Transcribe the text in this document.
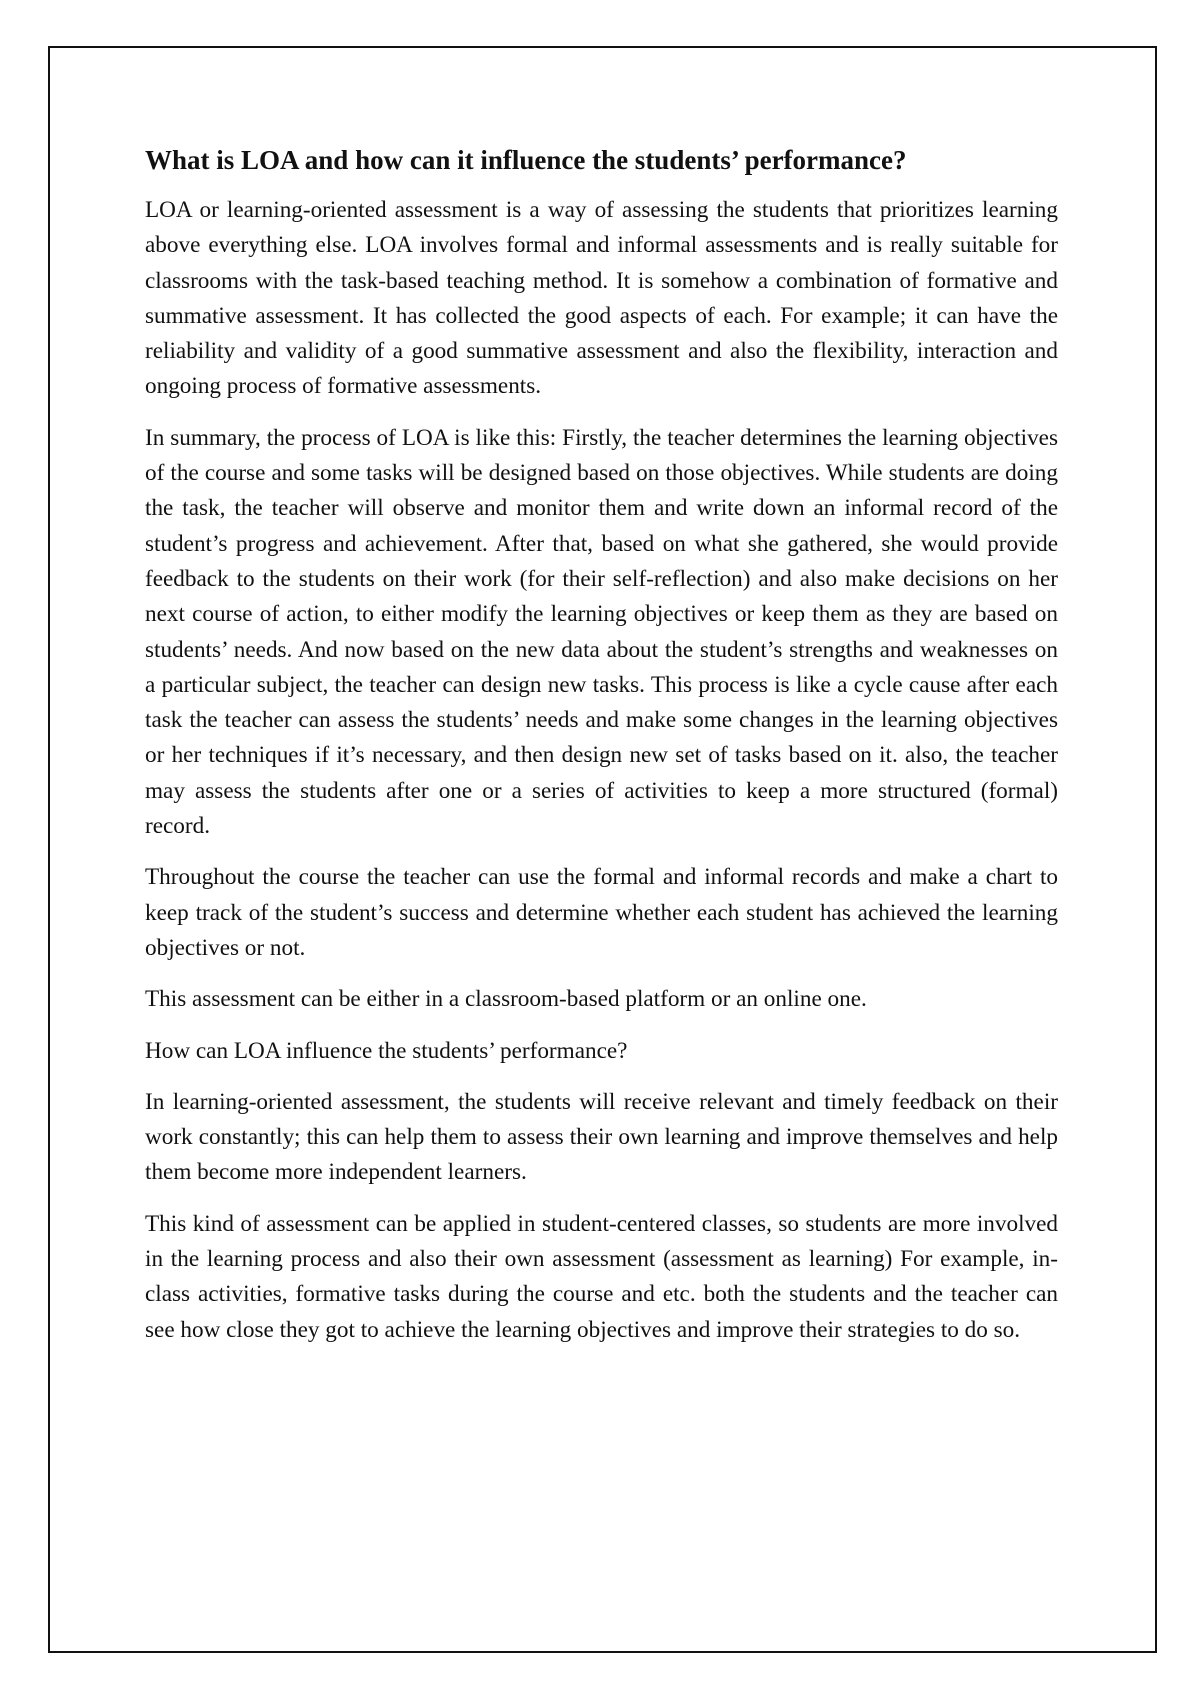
What is LOA and how can it influence the students’ performance?

LOA or learning-oriented assessment is a way of assessing the students that prioritizes learning above everything else. LOA involves formal and informal assessments and is really suitable for classrooms with the task-based teaching method. It is somehow a combination of formative and summative assessment. It has collected the good aspects of each. For example; it can have the reliability and validity of a good summative assessment and also the flexibility, interaction and ongoing process of formative assessments.

In summary, the process of LOA is like this: Firstly, the teacher determines the learning objectives of the course and some tasks will be designed based on those objectives. While students are doing the task, the teacher will observe and monitor them and write down an informal record of the student’s progress and achievement. After that, based on what she gathered, she would provide feedback to the students on their work (for their self-reflection) and also make decisions on her next course of action, to either modify the learning objectives or keep them as they are based on students’ needs. And now based on the new data about the student’s strengths and weaknesses on a particular subject, the teacher can design new tasks. This process is like a cycle cause after each task the teacher can assess the students’ needs and make some changes in the learning objectives or her techniques if it’s necessary, and then design new set of tasks based on it. also, the teacher may assess the students after one or a series of activities to keep a more structured (formal) record.

Throughout the course the teacher can use the formal and informal records and make a chart to keep track of the student’s success and determine whether each student has achieved the learning objectives or not.

This assessment can be either in a classroom-based platform or an online one.

How can LOA influence the students’ performance?

In learning-oriented assessment, the students will receive relevant and timely feedback on their work constantly; this can help them to assess their own learning and improve themselves and help them become more independent learners.

This kind of assessment can be applied in student-centered classes, so students are more involved in the learning process and also their own assessment (assessment as learning) For example, in-class activities, formative tasks during the course and etc. both the students and the teacher can see how close they got to achieve the learning objectives and improve their strategies to do so.
